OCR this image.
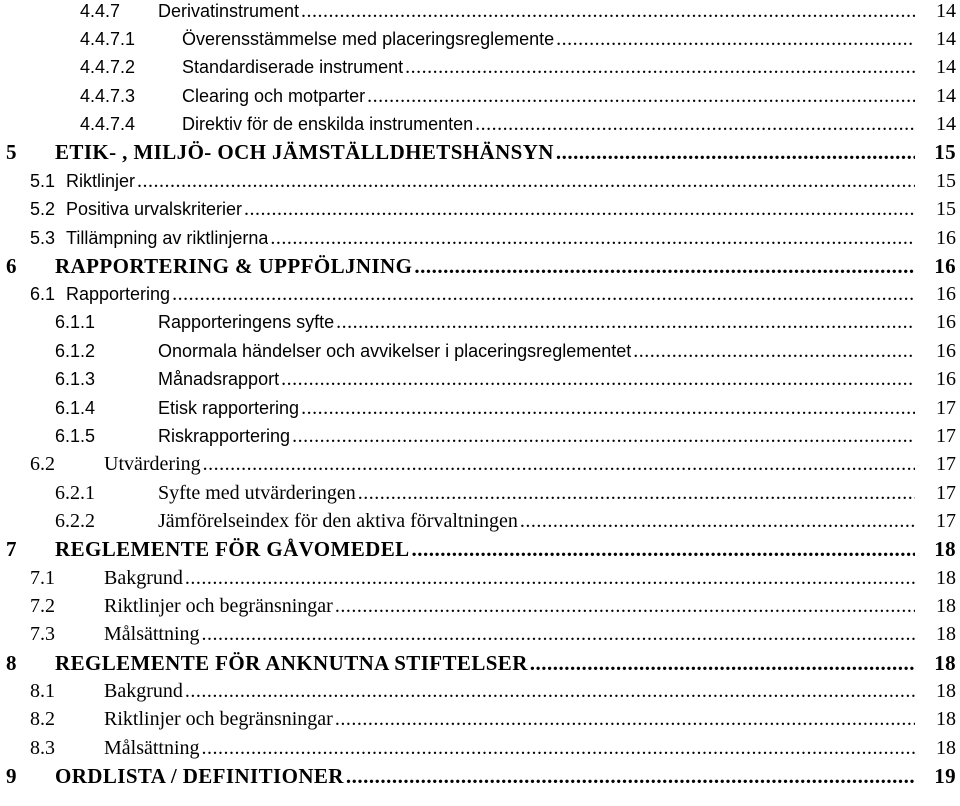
4.4.7 Derivatinstrument .....	14
4.4.7.1	Överensstämmelse med placeringsreglemente .....	14
4.4.7.2	Standardiserade instrument .....	14
4.4.7.3	Clearing och motparter .....	14
4.4.7.4	Direktiv för de enskilda instrumenten .....	14
5 ETIK- , MILJÖ- OCH JÄMSTÄLLDHETSHÄNSYN .....	15
5.1 Riktlinjer .....	15
5.2 Positiva urvalskriterier .....	15
5.3 Tillämpning av riktlinjerna .....	16
6 RAPPORTERING & UPPFÖLJNING .....	16
6.1 Rapportering .....	16
6.1.1	Rapporteringens syfte .....	16
6.1.2	Onormala händelser och avvikelser i placeringsreglementet .....	16
6.1.3	Månadsrapport .....	16
6.1.4	Etisk rapportering .....	17
6.1.5	Riskrapportering .....	17
6.2 Utvärdering .....	17
6.2.1	Syfte med utvärderingen .....	17
6.2.2	Jämförelseindex för den aktiva förvaltningen .....	17
7 REGLEMENTE FÖR GÅVOMEDEL .....	18
7.1 Bakgrund .....	18
7.2 Riktlinjer och begränsningar .....	18
7.3 Målsättning .....	18
8 REGLEMENTE FÖR ANKNUTNA STIFTELSER .....	18
8.1 Bakgrund .....	18
8.2 Riktlinjer och begränsningar .....	18
8.3 Målsättning .....	18
9 ORDLISTA / DEFINITIONER .....	19
